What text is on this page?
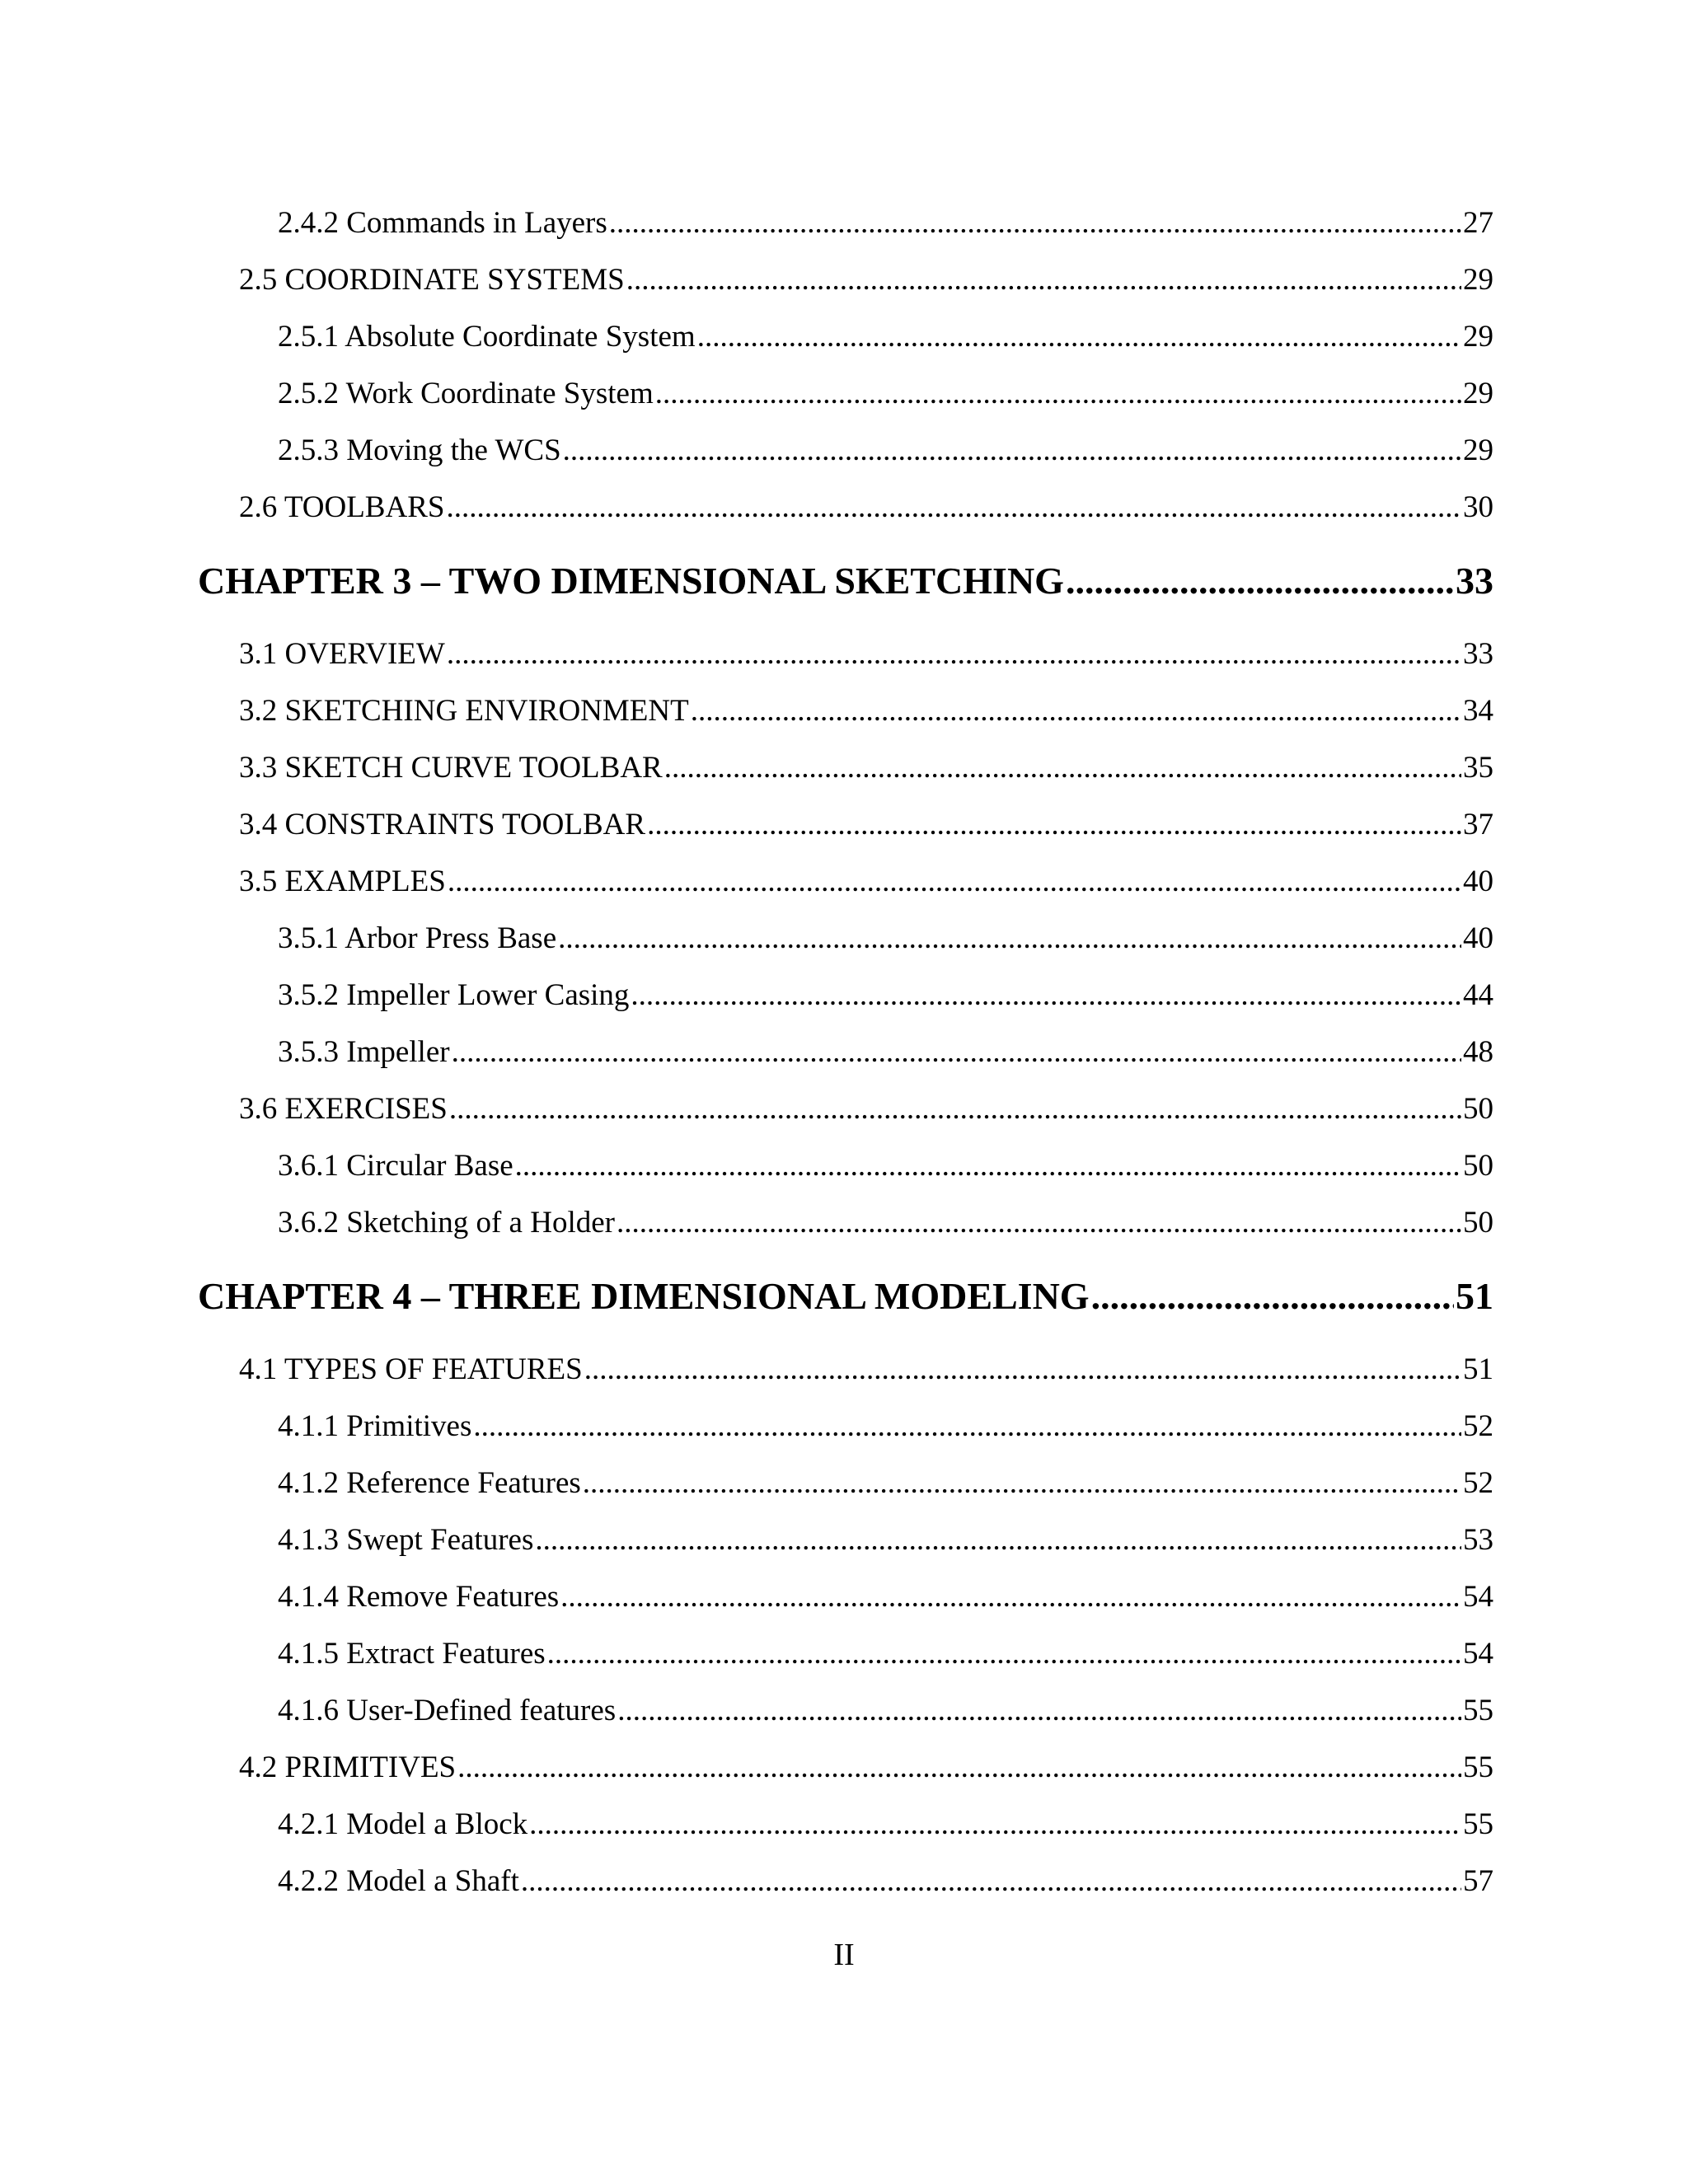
2.4.2 Commands in Layers .....	27
2.5 COORDINATE SYSTEMS .....	29
2.5.1 Absolute Coordinate System .....	29
2.5.2 Work Coordinate System .....	29
2.5.3 Moving the WCS .....	29
2.6 TOOLBARS .....	30
CHAPTER 3 – TWO DIMENSIONAL SKETCHING .....	33
3.1 OVERVIEW .....	33
3.2 SKETCHING ENVIRONMENT .....	34
3.3 SKETCH CURVE TOOLBAR .....	35
3.4 CONSTRAINTS TOOLBAR .....	37
3.5 EXAMPLES .....	40
3.5.1 Arbor Press Base .....	40
3.5.2 Impeller Lower Casing .....	44
3.5.3 Impeller .....	48
3.6 EXERCISES .....	50
3.6.1 Circular Base .....	50
3.6.2 Sketching of a Holder .....	50
CHAPTER 4 – THREE DIMENSIONAL MODELING .....	51
4.1 TYPES OF FEATURES .....	51
4.1.1 Primitives .....	52
4.1.2 Reference Features .....	52
4.1.3 Swept Features .....	53
4.1.4 Remove Features .....	54
4.1.5 Extract Features .....	54
4.1.6 User-Defined features .....	55
4.2 PRIMITIVES .....	55
4.2.1 Model a Block .....	55
4.2.2 Model a Shaft .....	57
II
